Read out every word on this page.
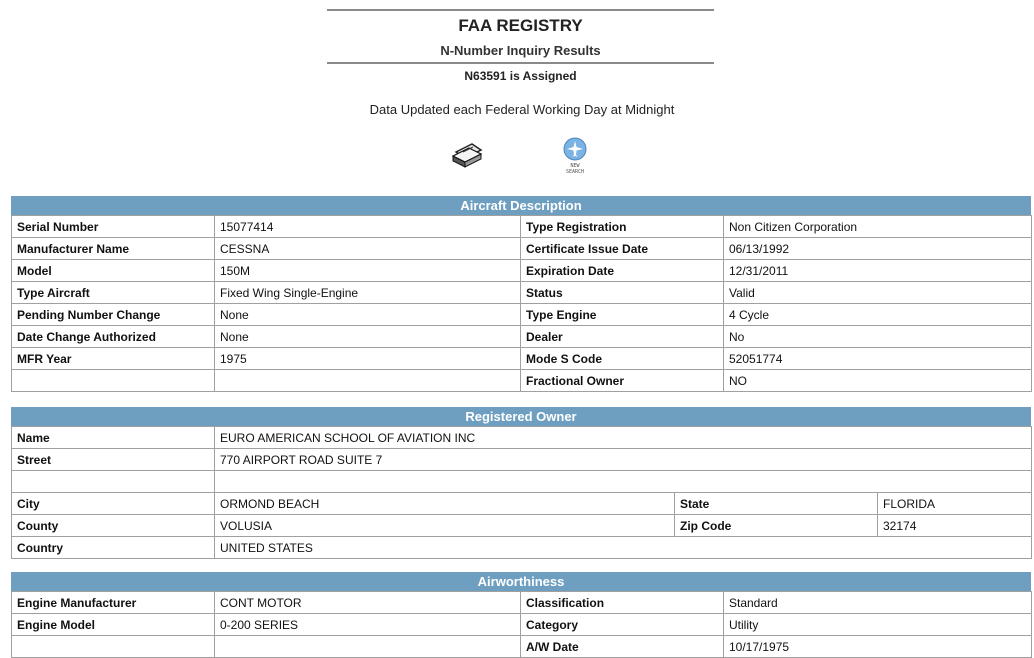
FAA REGISTRY
N-Number Inquiry Results
N63591 is Assigned
Data Updated each Federal Working Day at Midnight
NEW
SEARCH
Aircraft Description
Serial Number	15077414	Type Registration	Non Citizen Corporation
Manufacturer Name	CESSNA	Certificate Issue Date	06/13/1992
Model	150M	Expiration Date	12/31/2011
Type Aircraft	Fixed Wing Single-Engine	Status	Valid
Pending Number Change	None	Type Engine	4 Cycle
Date Change Authorized	None	Dealer	No
MFR Year	1975	Mode S Code	52051774
		Fractional Owner	NO
Registered Owner
Name	EURO AMERICAN SCHOOL OF AVIATION INC		
Street	770 AIRPORT ROAD SUITE 7		

City	ORMOND BEACH	State	FLORIDA
County	VOLUSIA	Zip Code	32174
Country	UNITED STATES		
Airworthiness
Engine Manufacturer	CONT MOTOR	Classification	Standard
Engine Model	0-200 SERIES	Category	Utility
		A/W Date	10/17/1975
